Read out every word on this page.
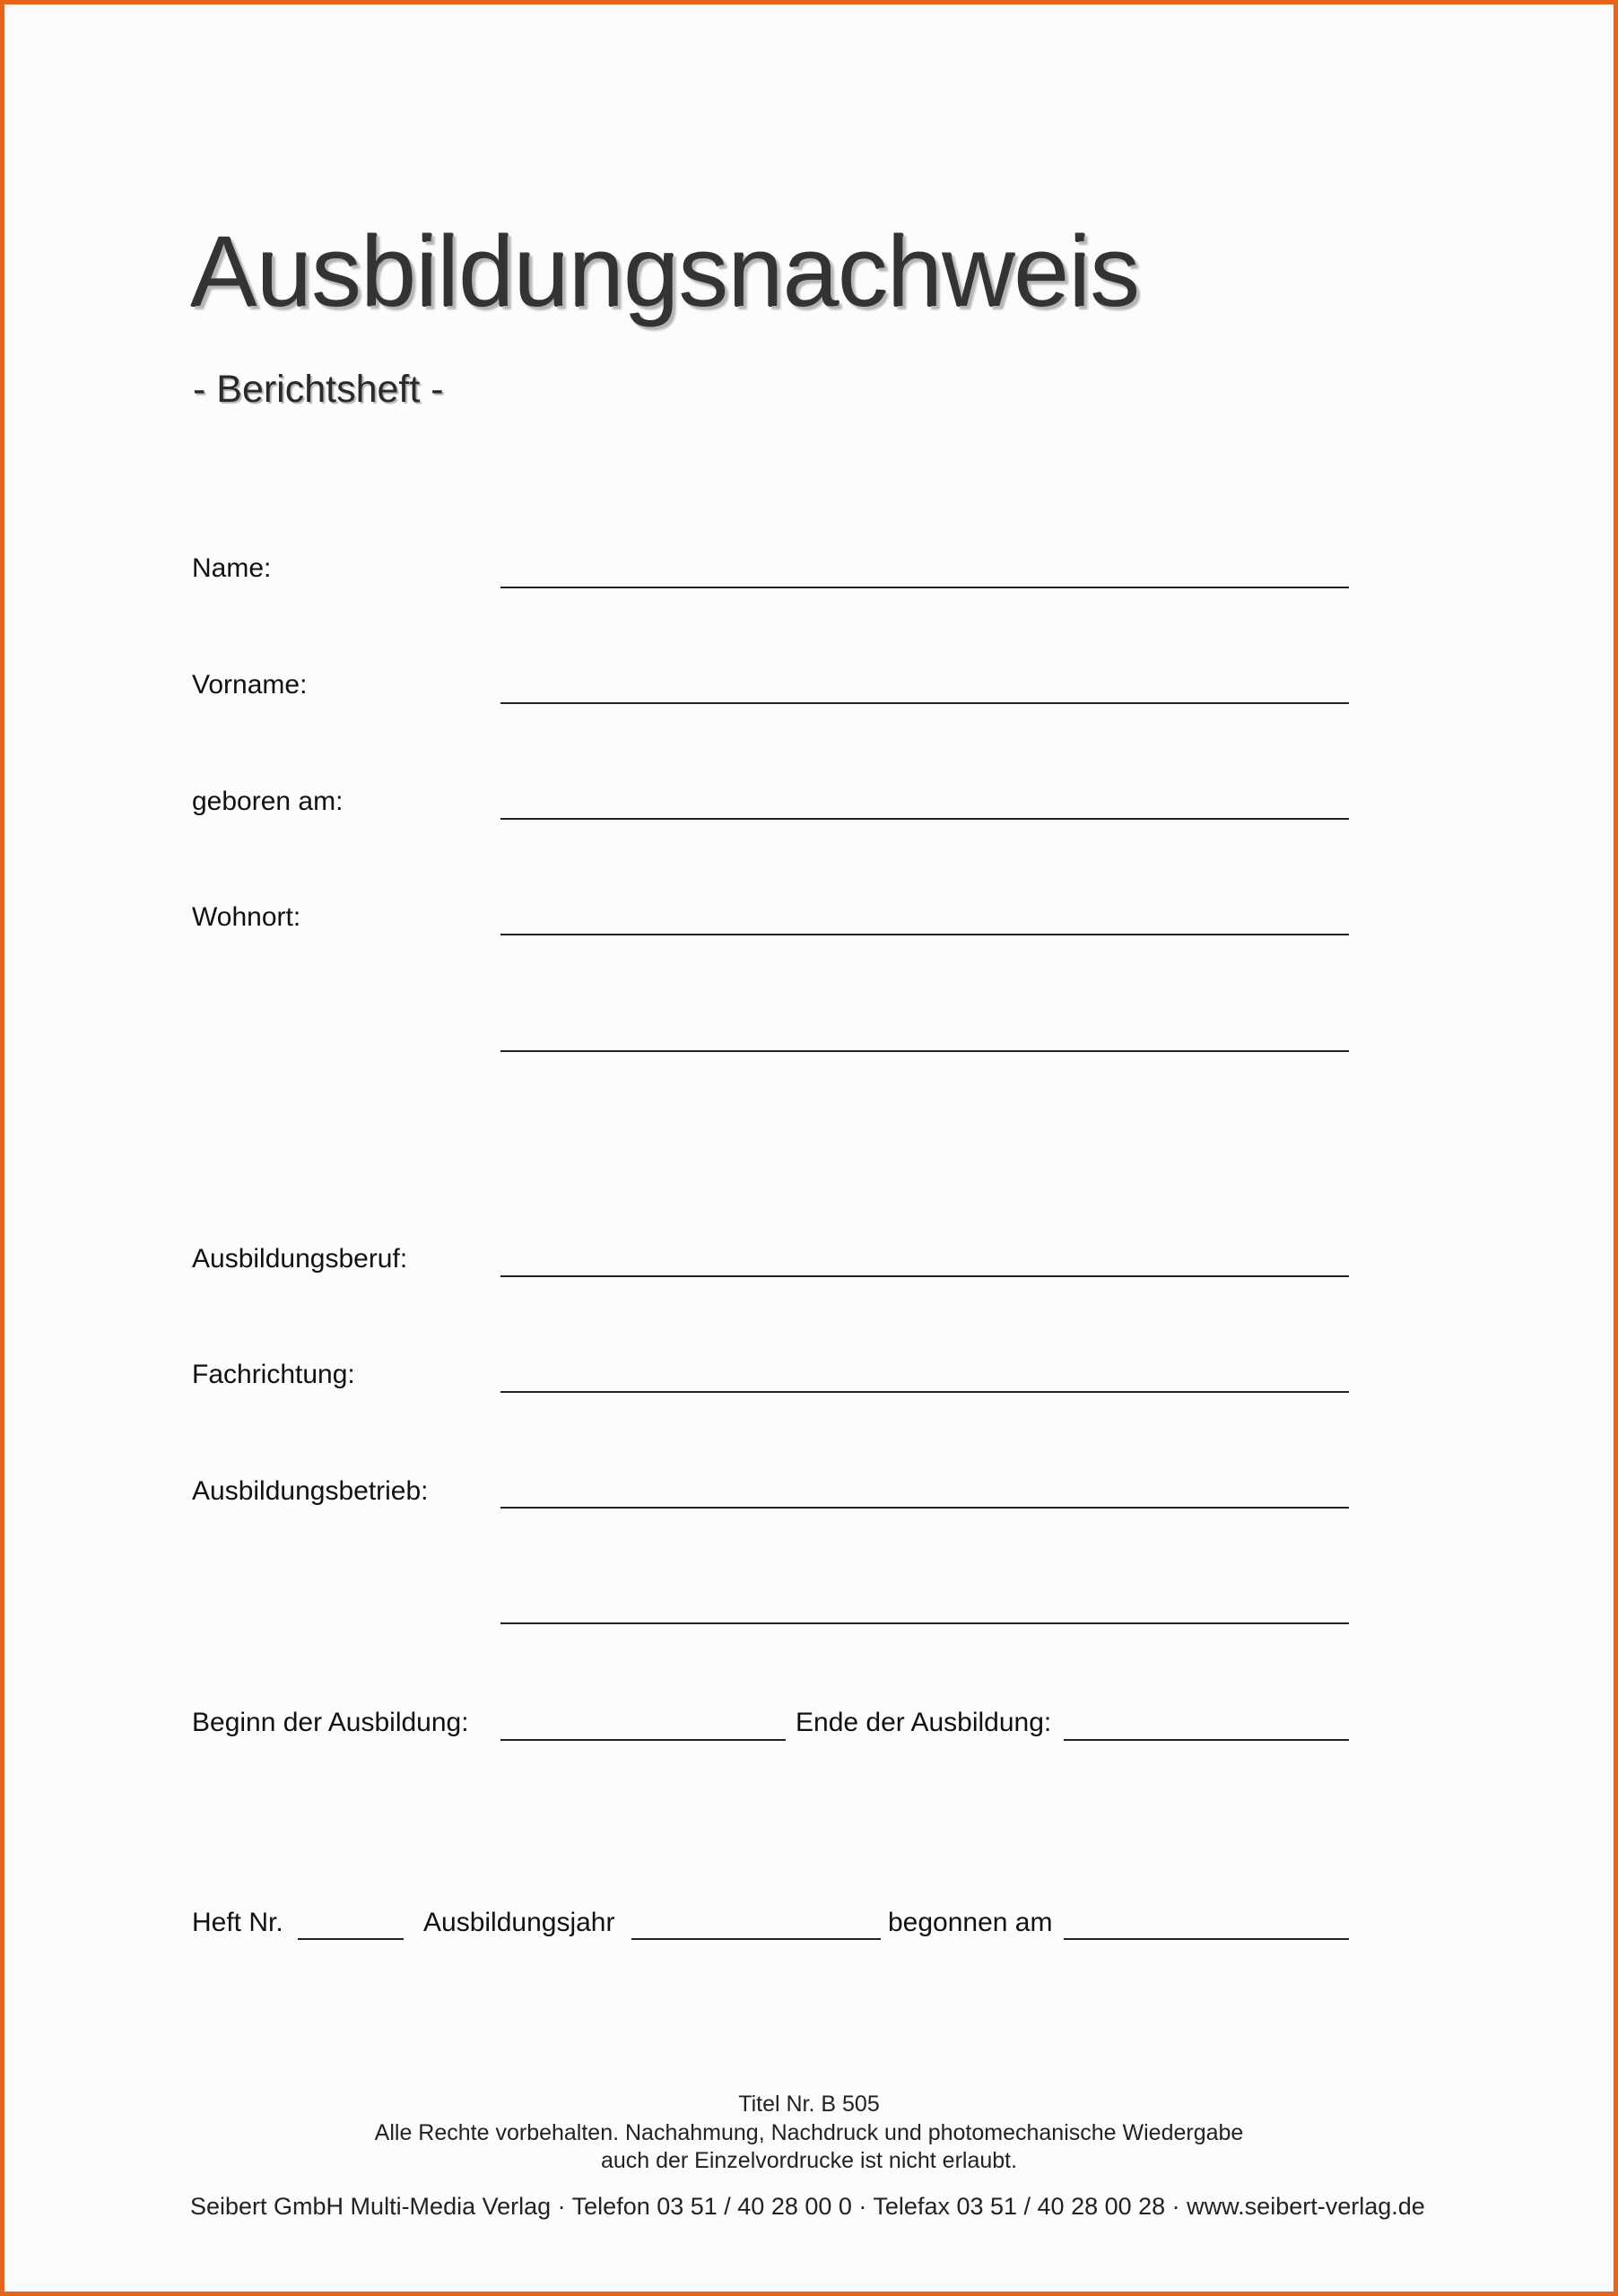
Ausbildungsnachweis
- Berichtsheft -
Name:
Vorname:
geboren am:
Wohnort:
Ausbildungsberuf:
Fachrichtung:
Ausbildungsbetrieb:
Beginn der Ausbildung:	Ende der Ausbildung:
Heft Nr.	Ausbildungsjahr	begonnen am
Titel Nr. B 505
Alle Rechte vorbehalten. Nachahmung, Nachdruck und photomechanische Wiedergabe
auch der Einzelvordrucke ist nicht erlaubt.
Seibert GmbH Multi-Media Verlag · Telefon 03 51 / 40 28 00 0 · Telefax 03 51 / 40 28 00 28 · www.seibert-verlag.de
